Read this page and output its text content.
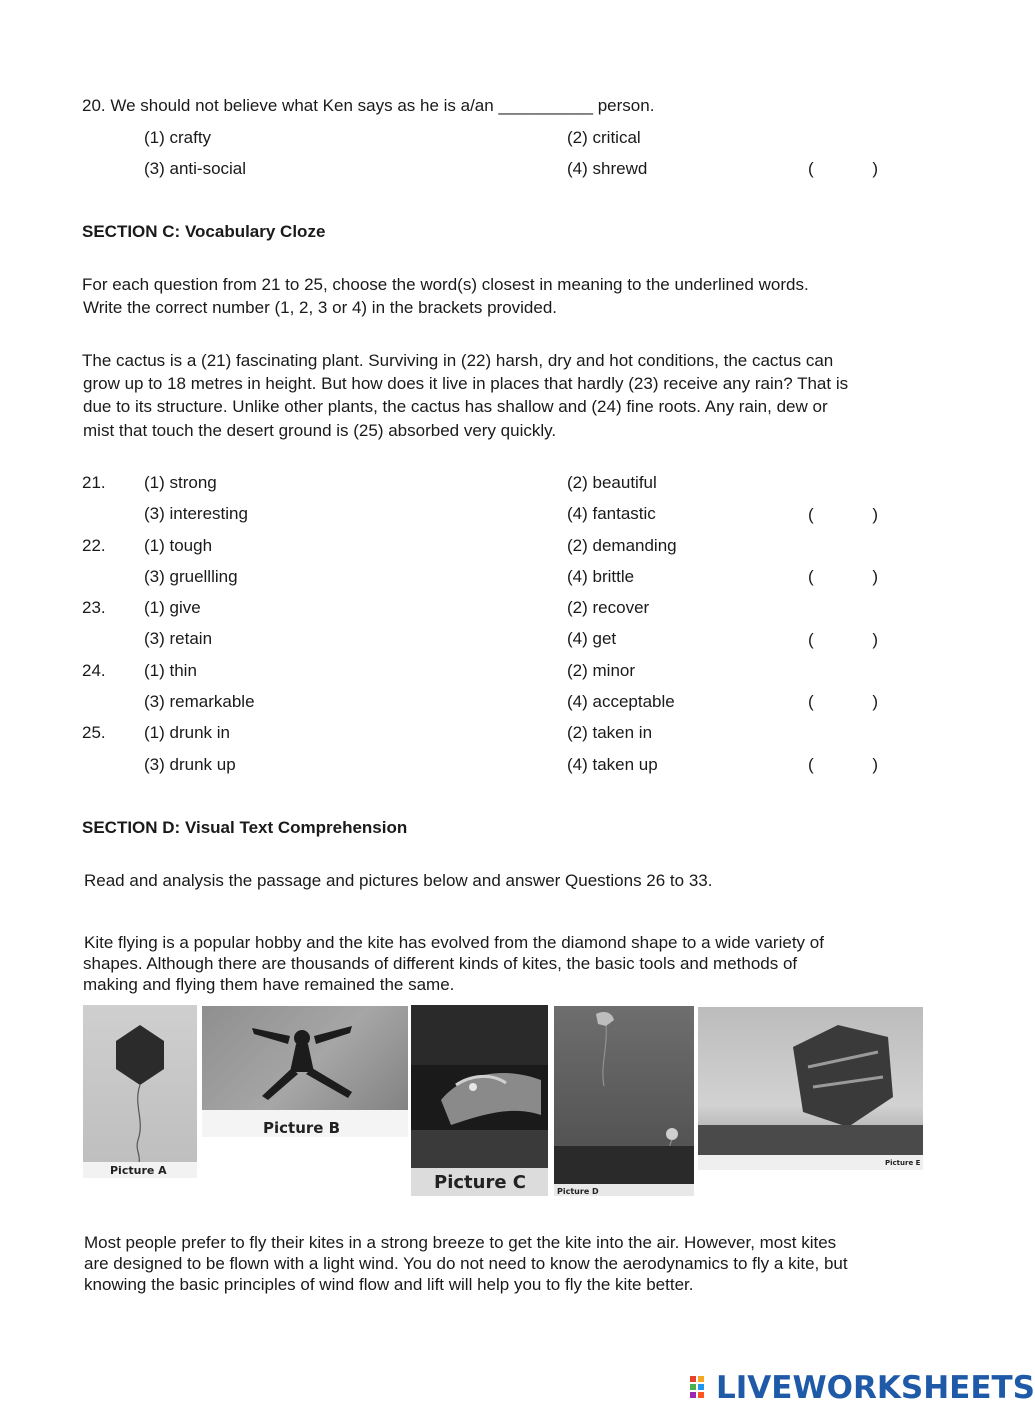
20. We should not believe what Ken says as he is a/an __________ person.
(1) crafty	(2) critical
(3) anti-social	(4) shrewd	(	)
SECTION C: Vocabulary Cloze
For each question from 21 to 25, choose the word(s) closest in meaning to the underlined words.
Write the correct number (1, 2, 3 or 4) in the brackets provided.
The cactus is a (21) fascinating plant. Surviving in (22) harsh, dry and hot conditions, the cactus can
grow up to 18 metres in height. But how does it live in places that hardly (23) receive any rain? That is
due to its structure. Unlike other plants, the cactus has shallow and (24) fine roots. Any rain, dew or
mist that touch the desert ground is (25) absorbed very quickly.
21. (1) strong	(2) beautiful
(3) interesting	(4) fantastic	(	)
22. (1) tough	(2) demanding
(3) gruellling	(4) brittle	(	)
23. (1) give	(2) recover
(3) retain	(4) get	(	)
24. (1) thin	(2) minor
(3) remarkable	(4) acceptable	(	)
25. (1) drunk in	(2) taken in
(3) drunk up	(4) taken up	(	)
SECTION D: Visual Text Comprehension
Read and analysis the passage and pictures below and answer Questions 26 to 33.
Kite flying is a popular hobby and the kite has evolved from the diamond shape to a wide variety of
shapes. Although there are thousands of different kinds of kites, the basic tools and methods of
making and flying them have remained the same.
Picture A
Picture B
Picture C	Picture D
Picture E
Most people prefer to fly their kites in a strong breeze to get the kite into the air. However, most kites
are designed to be flown with a light wind. You do not need to know the aerodynamics to fly a kite, but
knowing the basic principles of wind flow and lift will help you to fly the kite better.
LIVEWORKSHEETS
